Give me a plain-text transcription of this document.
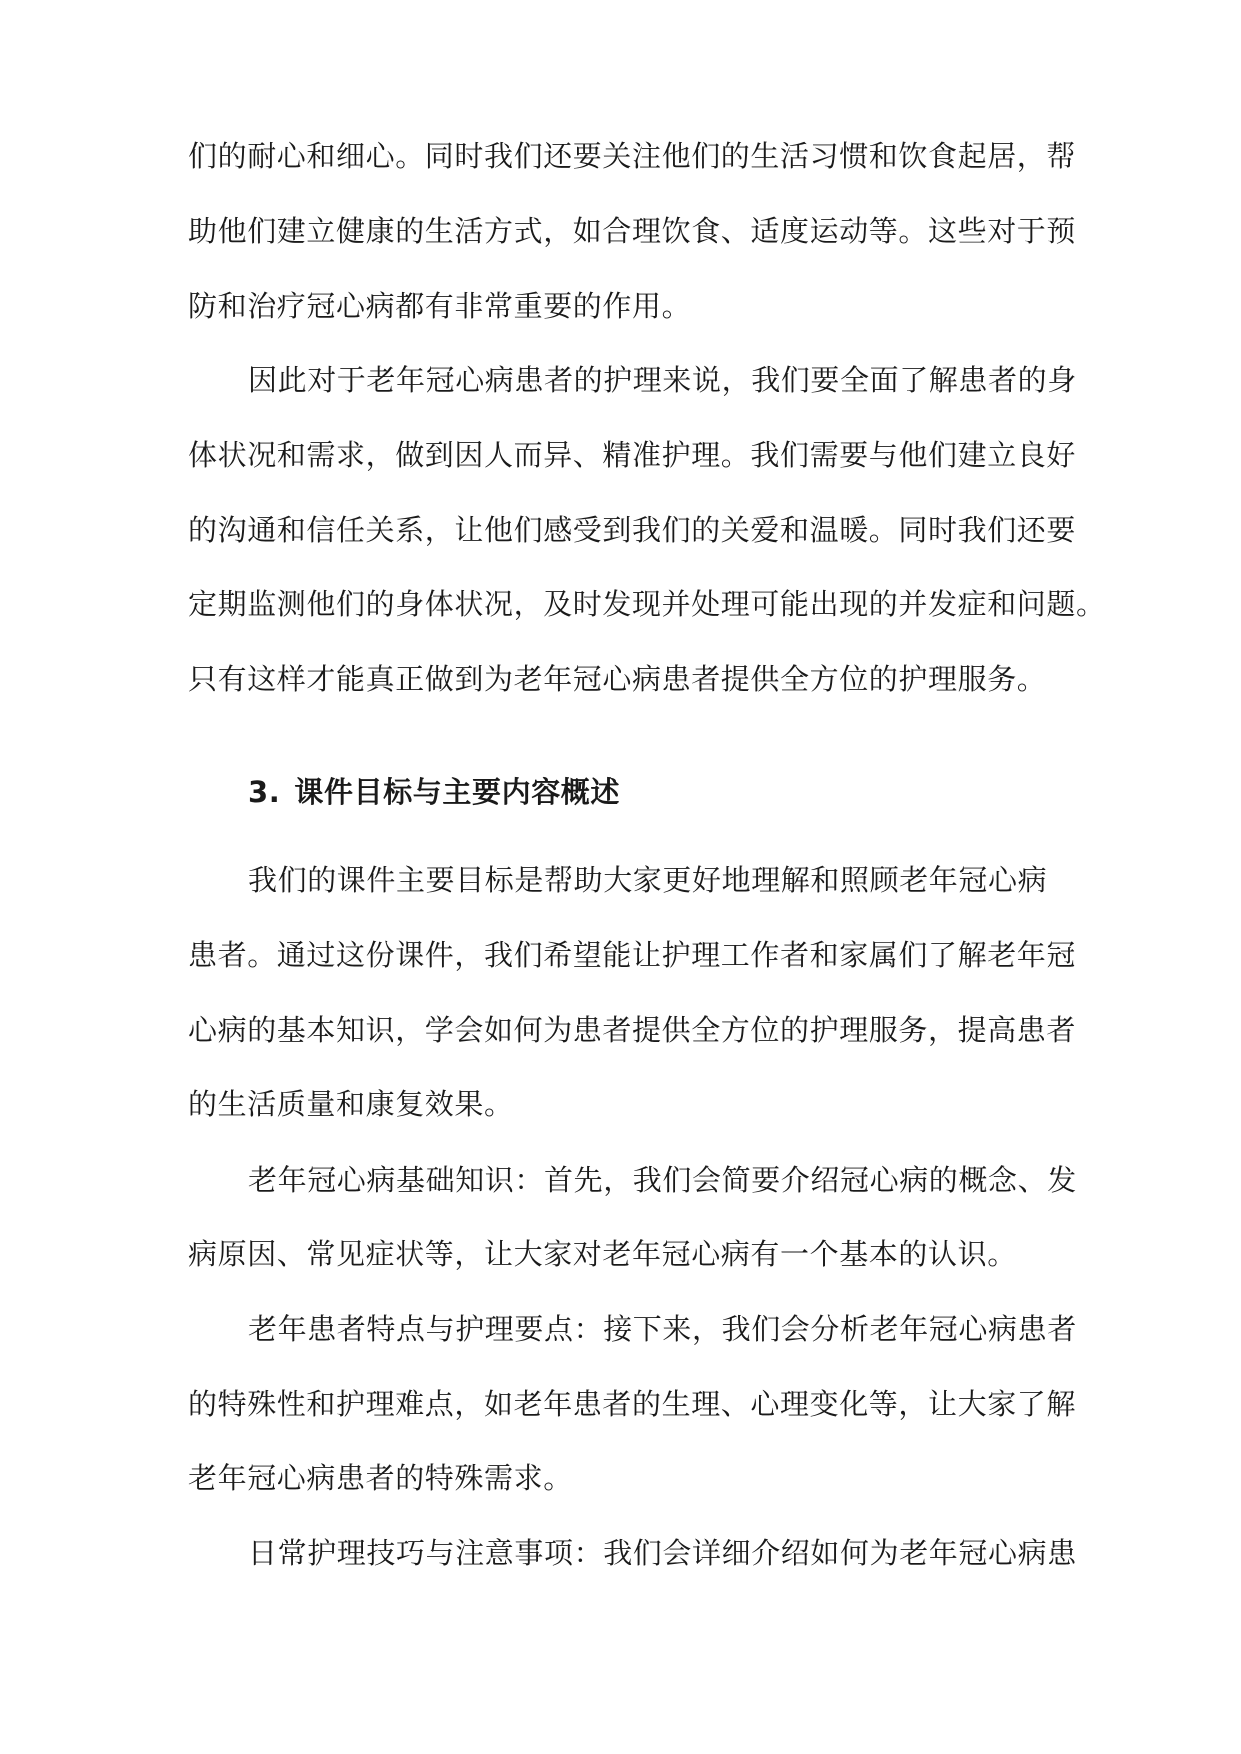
们的耐心和细心。同时我们还要关注他们的生活习惯和饮食起居，帮

助他们建立健康的生活方式，如合理饮食、适度运动等。这些对于预

防和治疗冠心病都有非常重要的作用。

因此对于老年冠心病患者的护理来说，我们要全面了解患者的身

体状况和需求，做到因人而异、精准护理。我们需要与他们建立良好

的沟通和信任关系，让他们感受到我们的关爱和温暖。同时我们还要

定期监测他们的身体状况，及时发现并处理可能出现的并发症和问题。

只有这样才能真正做到为老年冠心病患者提供全方位的护理服务。

3. 课件目标与主要内容概述

我们的课件主要目标是帮助大家更好地理解和照顾老年冠心病

患者。通过这份课件，我们希望能让护理工作者和家属们了解老年冠

心病的基本知识，学会如何为患者提供全方位的护理服务，提高患者

的生活质量和康复效果。

老年冠心病基础知识：首先，我们会简要介绍冠心病的概念、发

病原因、常见症状等，让大家对老年冠心病有一个基本的认识。

老年患者特点与护理要点：接下来，我们会分析老年冠心病患者

的特殊性和护理难点，如老年患者的生理、心理变化等，让大家了解

老年冠心病患者的特殊需求。

日常护理技巧与注意事项：我们会详细介绍如何为老年冠心病患
